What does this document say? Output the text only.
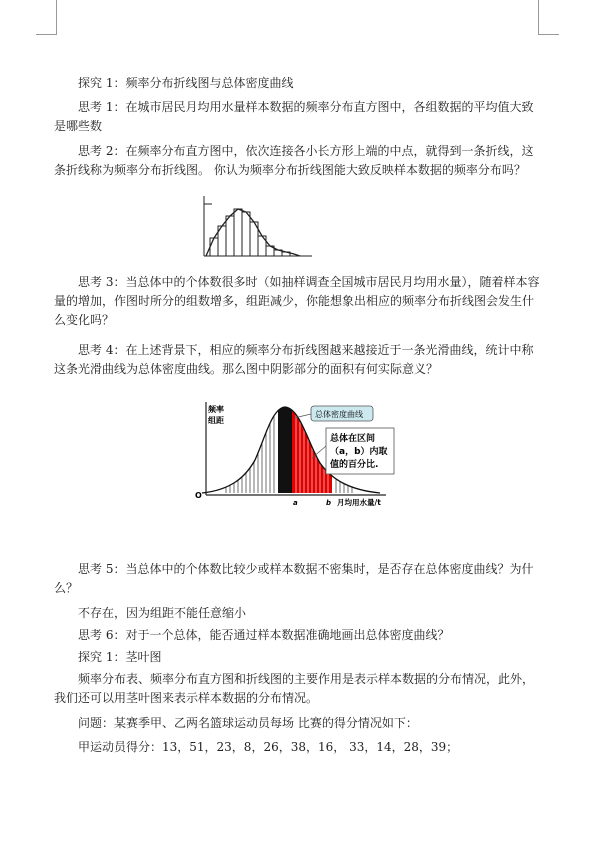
探究 1：频率分布折线图与总体密度曲线

思考 1：在城市居民月均用水量样本数据的频率分布直方图中，各组数据的平均值大致是哪些数

思考 2：在频率分布直方图中，依次连接各小长方形上端的中点，就得到一条折线，这条折线称为频率分布折线图。 你认为频率分布折线图能大致反映样本数据的频率分布吗？

思考 3：当总体中的个体数很多时（如抽样调查全国城市居民月均用水量），随着样本容量的增加，作图时所分的组数增多，组距减少，你能想象出相应的频率分布折线图会发生什么变化吗？

思考 4：在上述背景下，相应的频率分布折线图越来越接近于一条光滑曲线，统计中称这条光滑曲线为总体密度曲线。那么图中阴影部分的面积有何实际意义？

频率
组距
O
a	b 月均用水量/t
总体密度曲线
总体在区间
（a，b）内取
值的百分比.

思考 5：当总体中的个体数比较少或样本数据不密集时，是否存在总体密度曲线？为什么？

不存在，因为组距不能任意缩小

思考 6：对于一个总体，能否通过样本数据准确地画出总体密度曲线？

探究 1：茎叶图

频率分布表、频率分布直方图和折线图的主要作用是表示样本数据的分布情况，此外，我们还可以用茎叶图来表示样本数据的分布情况。

问题：某赛季甲、乙两名篮球运动员每场 比赛的得分情况如下：

甲运动员得分：13，51，23，8，26，38，16， 33，14，28，39；
